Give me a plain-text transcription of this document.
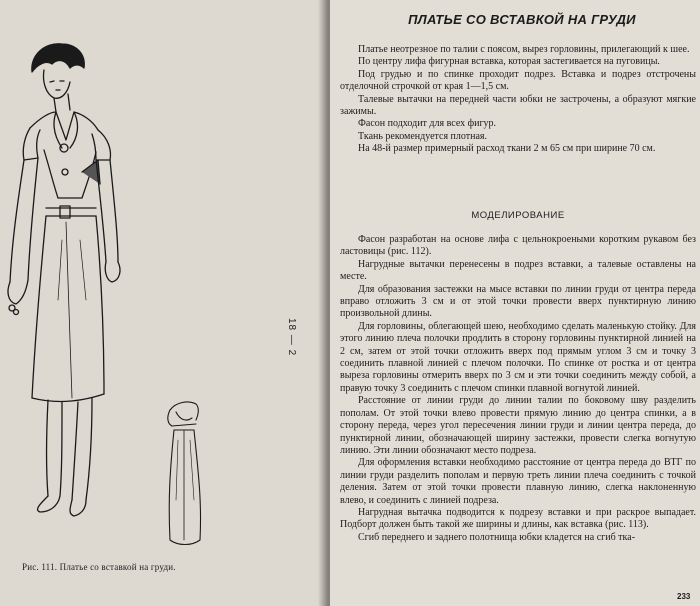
Рис. 111. Платье со вставкой на груди.
18 — 2
ПЛАТЬЕ СО ВСТАВКОЙ НА ГРУДИ

Платье неотрезное по талии с поясом, вырез горловины, прилегающий к шее.

По центру лифа фигурная вставка, которая застегивается на пуговицы.

Под грудью и по спинке проходит подрез. Вставка и подрез отстрочены отделочной строчкой от края 1—1,5 см.

Талевые вытачки на передней части юбки не застрочены, а образуют мягкие зажимы.

Фасон подходит для всех фигур.

Ткань рекомендуется плотная.

На 48-й размер примерный расход ткани 2 м 65 см при ширине 70 см.

МОДЕЛИРОВАНИЕ

Фасон разработан на основе лифа с цельнокроеными коротким рукавом без ластовицы (рис. 112).

Нагрудные вытачки перенесены в подрез вставки, а талевые оставлены на месте.

Для образования застежки на мысе вставки по линии груди от центра переда вправо отложить 3 см и от этой точки провести вверх пунктирную линию произвольной длины.

Для горловины, облегающей шею, необходимо сделать маленькую стойку. Для этого линию плеча полочки продлить в сторону горловины пунктирной линией на 2 см, затем от этой точки отложить вверх под прямым углом 3 см и точку 3 соединить плавной линией с плечом полочки. По спинке от ростка и от центра выреза горловины отмерить вверх по 3 см и эти точки соединить между собой, а правую точку 3 соединить с плечом спинки плавной вогнутой линией.

Расстояние от линии груди до линии талии по боковому шву разделить пополам. От этой точки влево провести прямую линию до центра спинки, а в сторону переда, через угол пересечения линии груди и линии центра переда, до пунктирной линии, обозначающей ширину застежки, провести слегка вогнутую линию. Эти линии обозначают место подреза.

Для оформления вставки необходимо расстояние от центра переда до ВТГ по линии груди разделить пополам и первую треть линии плеча соединить с точкой деления. Затем от этой точки провести плавную линию, слегка наклоненную влево, и соединить с линией подреза.

Нагрудная вытачка подводится к подрезу вставки и при раскрое выпадает. Подборт должен быть такой же ширины и длины, как вставка (рис. 113).

Сгиб переднего и заднего полотнища юбки кладется на сгиб тка-

233
